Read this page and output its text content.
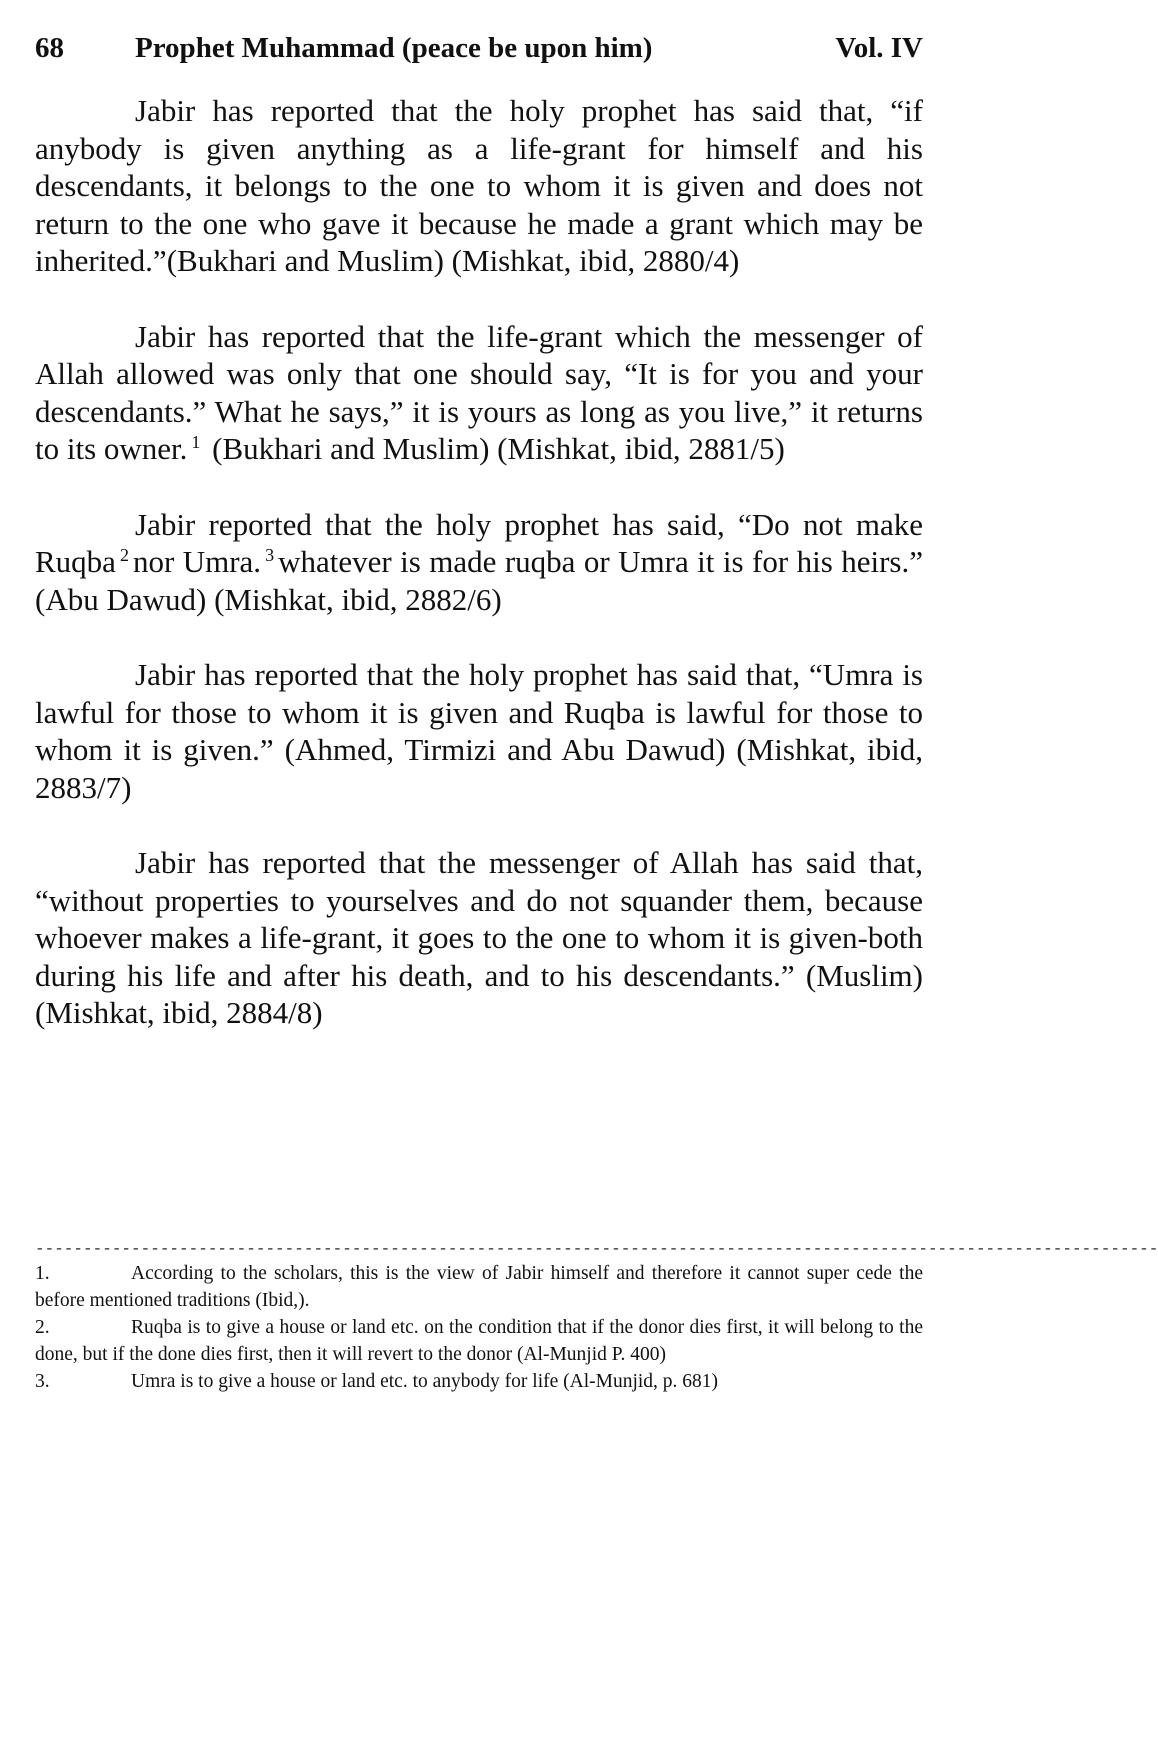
68	Prophet Muhammad (peace be upon him)	Vol. IV

Jabir has reported that the holy prophet has said that, “if anybody is given anything as a life-grant for himself and his descendants, it belongs to the one to whom it is given and does not return to the one who gave it because he made a grant which may be inherited.”(Bukhari and Muslim) (Mishkat, ibid, 2880/4)

Jabir has reported that the life-grant which the messenger of Allah allowed was only that one should say, “It is for you and your descendants.” What he says,” it is yours as long as you live,” it returns to its owner. $^1$ (Bukhari and Muslim) (Mishkat, ibid, 2881/5)

Jabir reported that the holy prophet has said, “Do not make Ruqba $^2$ nor Umra. $^3$ whatever is made ruqba or Umra it is for his heirs.” (Abu Dawud) (Mishkat, ibid, 2882/6)

Jabir has reported that the holy prophet has said that, “Umra is lawful for those to whom it is given and Ruqba is lawful for those to whom it is given.” (Ahmed, Tirmizi and Abu Dawud) (Mishkat, ibid, 2883/7)

Jabir has reported that the messenger of Allah has said that, “without properties to yourselves and do not squander them, because whoever makes a life-grant, it goes to the one to whom it is given-both during his life and after his death, and to his descendants.” (Muslim) (Mishkat, ibid, 2884/8)

---------------------------------------------------------------------------------------------------------------------

1.	According to the scholars, this is the view of Jabir himself and therefore it cannot super cede the before mentioned traditions (Ibid,).

2.	Ruqba is to give a house or land etc. on the condition that if the donor dies first, it will belong to the done, but if the done dies first, then it will revert to the donor (Al-Munjid P. 400)

3.	Umra is to give a house or land etc. to anybody for life (Al-Munjid, p. 681)
